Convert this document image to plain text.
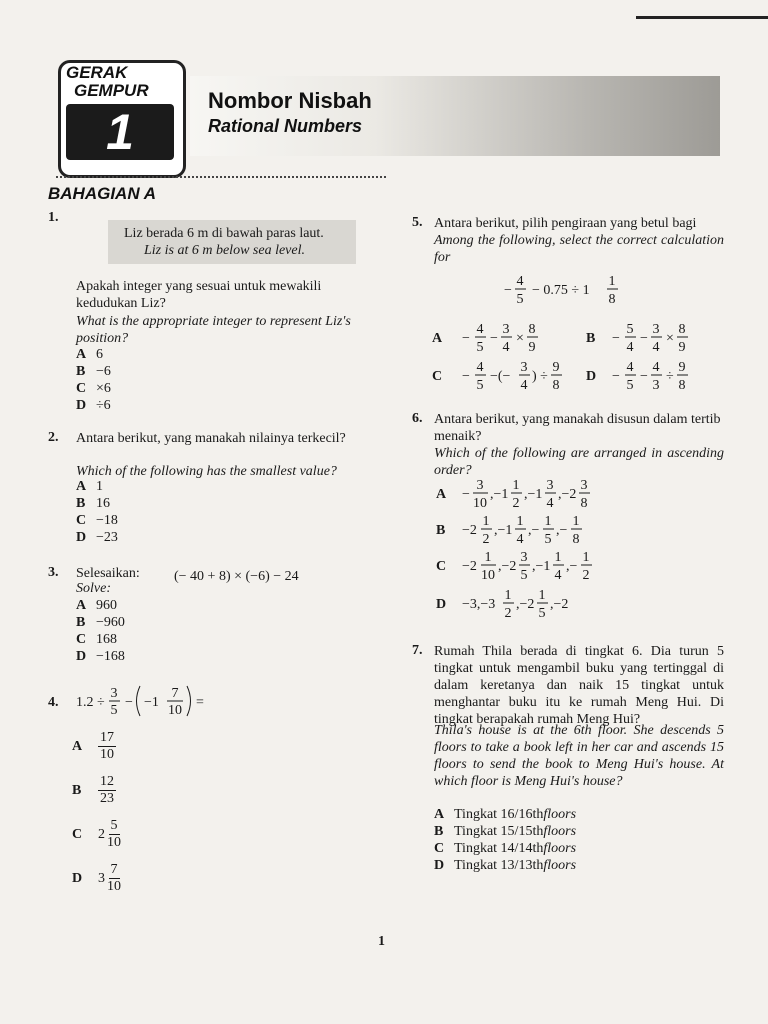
GERAK
GEMPUR
1
Nombor Nisbah
Rational Numbers
BAHAGIAN A
1.
Liz berada 6 m di bawah paras laut.
Liz is at 6 m below sea level.
Apakah integer yang sesuai untuk mewakili kedudukan Liz?
What is the appropriate integer to represent Liz's position?
A 6
B −6
C ×6
D ÷6
2. Antara berikut, yang manakah nilainya terkecil?
Which of the following has the smallest value?
A 1
B 16
C −18
D −23
3. Selesaikan:
Solve:
(− 40 + 8) × (−6) − 24
A 960
B −960
C 168
D −168
4. 1.2 ÷
3
5
− −1
7
10
=
A
17
10
B
12
23
C	2
5
10
D	3
7
10
5. Antara berikut, pilih pengiraan yang betul bagi
Among the following, select the correct calculation for
−
4
5
− 0.75 ÷ 1
1
8
A −
4
5
−
3
4
×
8
9
B −
5
4
−
3
4
×
8
9
C −
4
5
−(−
3
4
) ÷
9
8
D −
4
5
−
4
3
÷
9
8
6. Antara berikut, yang manakah disusun dalam tertib menaik?
Which of the following are arranged in ascending order?
A −
3
10
,−1
1
2
,−1
3
4
,−2
3
8
B −2
1
2
,−1
1
4
,−
1
5
,−
1
8
C −2
1
10
,−2
3
5
,−1
1
4
,−
1
2
D −3,−3
1
2
,−2
1
5
,−2
7. Rumah Thila berada di tingkat 6. Dia turun 5 tingkat untuk mengambil buku yang tertinggal di dalam keretanya dan naik 15 tingkat untuk menghantar buku itu ke rumah Meng Hui. Di tingkat berapakah rumah Meng Hui?
Thila's house is at the 6th floor. She descends 5 floors to take a book left in her car and ascends 15 floors to send the book to Meng Hui's house. At which floor is Meng Hui's house?
A Tingkat 16/16thfloors
B Tingkat 15/15thfloors
C Tingkat 14/14thfloors
D Tingkat 13/13thfloors
1
